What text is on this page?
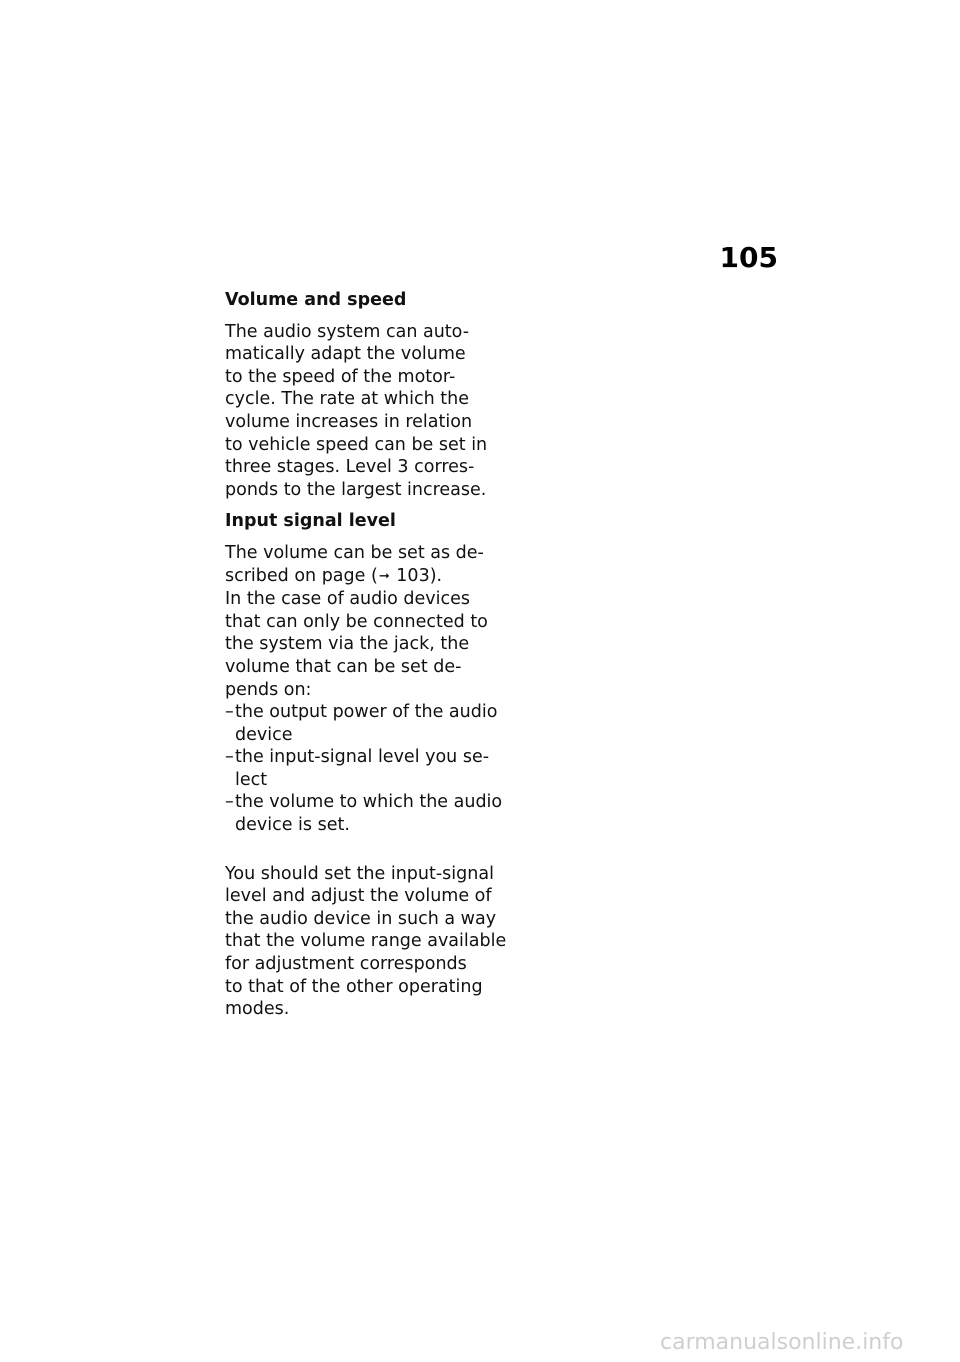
105

Volume and speed

The audio system can auto-
matically adapt the volume
to the speed of the motor-
cycle. The rate at which the
volume increases in relation
to vehicle speed can be set in
three stages. Level 3 corres-
ponds to the largest increase.

Input signal level

The volume can be set as de-
scribed on page (➞ 103).
In the case of audio devices
that can only be connected to
the system via the jack, the
volume that can be set de-
pends on:
– the output power of the audio
device
– the input-signal level you se-
lect
– the volume to which the audio
device is set.
You should set the input-signal
level and adjust the volume of
the audio device in such a way
that the volume range available
for adjustment corresponds
to that of the other operating
modes.
carmanualsonline.info
